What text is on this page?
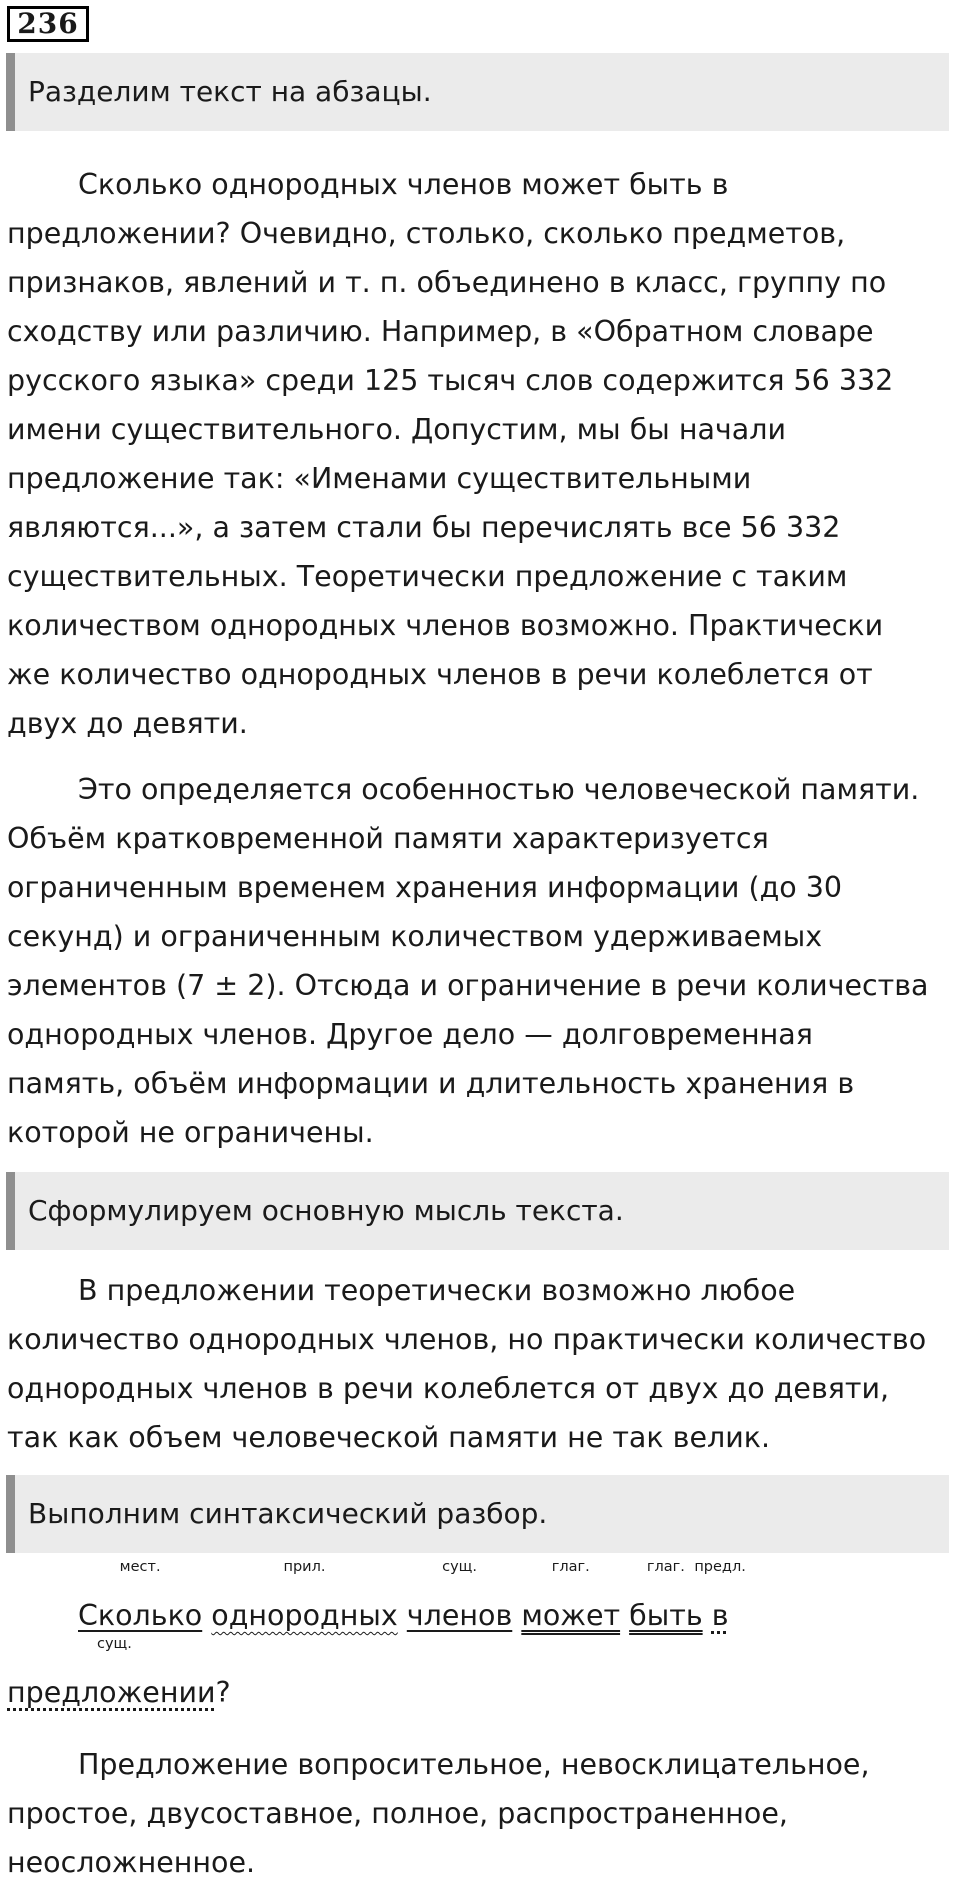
236
Разделим текст на абзацы.

Сколько однородных членов может быть в
предложении? Очевидно, столько, сколько предметов,
признаков, явлений и т. п. объединено в класс, группу по
сходству или различию. Например, в «Обратном словаре
русского языка» среди 125 тысяч слов содержится 56 332
имени существительного. Допустим, мы бы начали
предложение так: «Именами существительными
являются...», а затем стали бы перечислять все 56 332
существительных. Теоретически предложение с таким
количеством однородных членов возможно. Практически
же количество однородных членов в речи колеблется от
двух до девяти.

Это определяется особенностью человеческой памяти.
Объём кратковременной памяти характеризуется
ограниченным временем хранения информации (до 30
секунд) и ограниченным количеством удерживаемых
элементов (7 ± 2). Отсюда и ограничение в речи количества
однородных членов. Другое дело — долговременная
память, объём информации и длительность хранения в
которой не ограничены.

Сформулируем основную мысль текста.

В предложении теоретически возможно любое
количество однородных членов, но практически количество
однородных членов в речи колеблется от двух до девяти,
так как объем человеческой памяти не так велик.

Выполним синтаксический разбор.
Сколько
мест.
однородных
прил.
членов
сущ.
может
глаг.
быть
глаг.
в
предл.
предложении
сущ.
?

Предложение вопросительное, невосклицательное,
простое, двусоставное, полное, распространенное,
неосложненное.
